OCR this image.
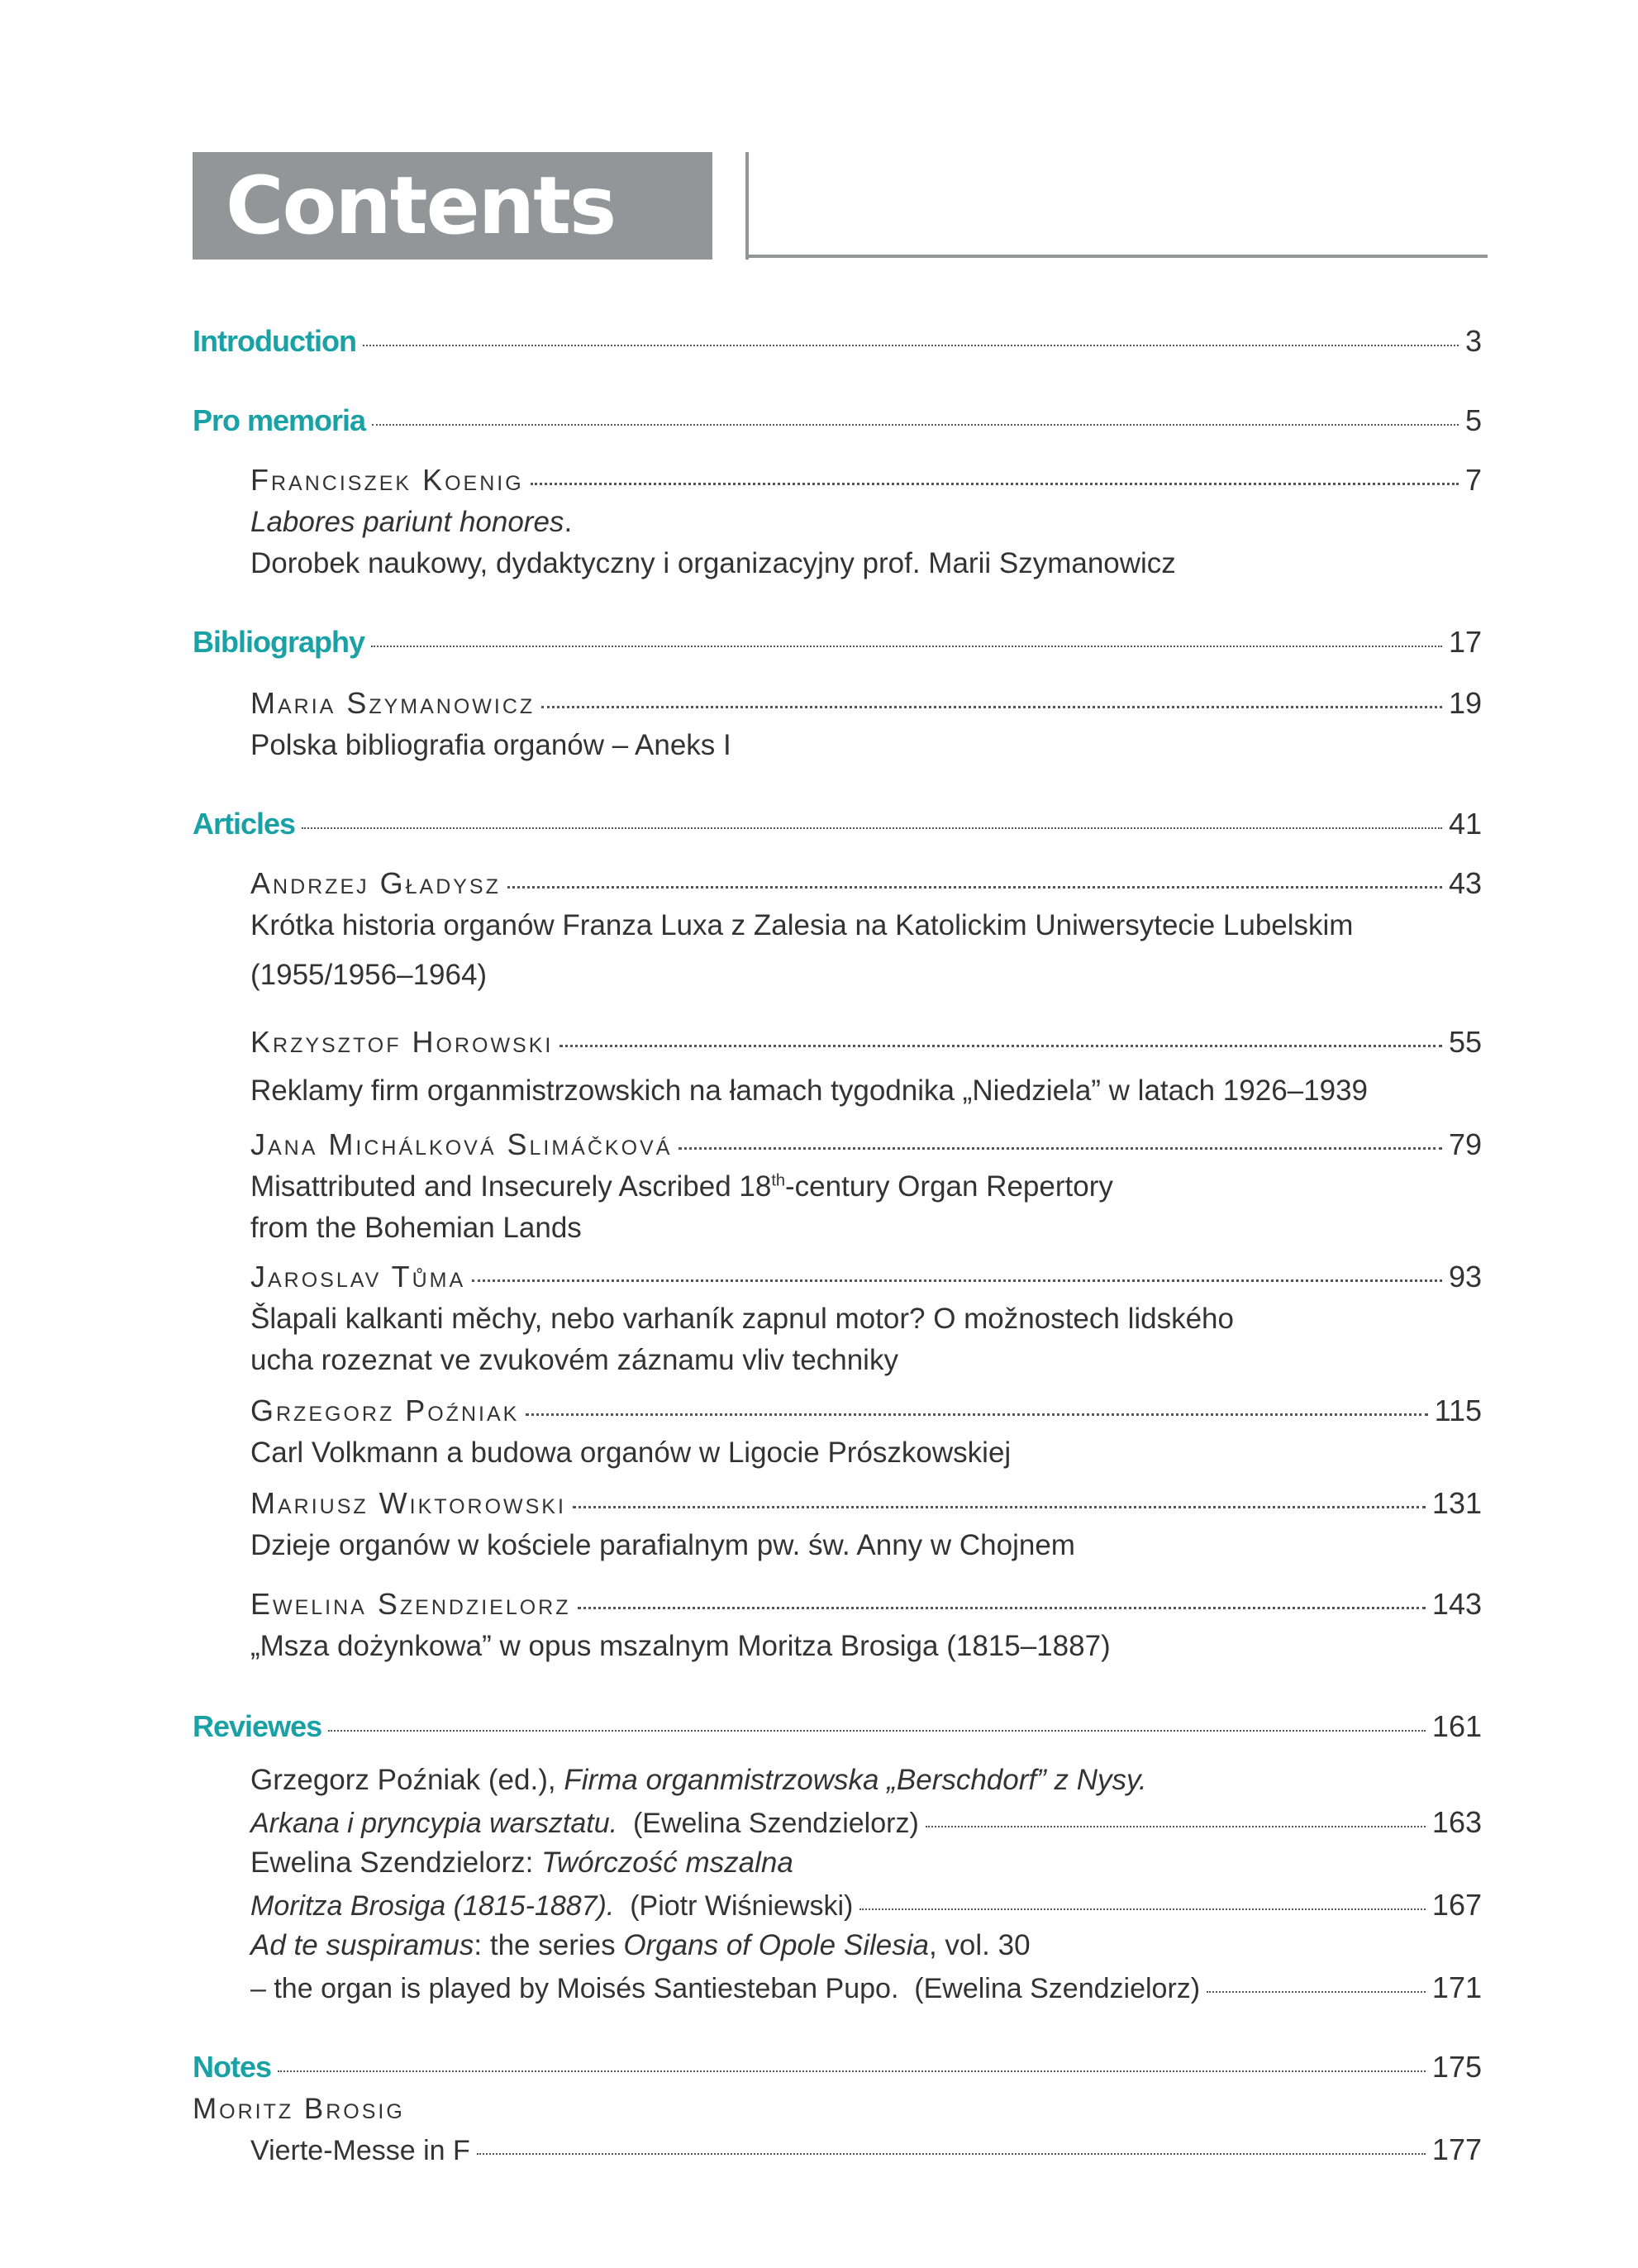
Contents
Introduction	3
Pro memoria	5
Franciszek Koenig	7
Labores pariunt honores.
Dorobek naukowy, dydaktyczny i organizacyjny prof. Marii Szymanowicz
Bibliography	17
Maria Szymanowicz	19
Polska bibliografia organów – Aneks I
Articles	41
Andrzej Gładysz	43
Krótka historia organów Franza Luxa z Zalesia na Katolickim Uniwersytecie Lubelskim
(1955/1956–1964)
Krzysztof Horowski	55
Reklamy firm organmistrzowskich na łamach tygodnika „Niedziela” w latach 1926–1939
Jana Michálková Slimáčková	79
Misattributed and Insecurely Ascribed 18th-century Organ Repertory
from the Bohemian Lands
Jaroslav Tůma	93
Šlapali kalkanti měchy, nebo varhaník zapnul motor? O možnostech lidského
ucha rozeznat ve zvukovém záznamu vliv techniky
Grzegorz Poźniak	115
Carl Volkmann a budowa organów w Ligocie Prószkowskiej
Mariusz Wiktorowski	131
Dzieje organów w kościele parafialnym pw. św. Anny w Chojnem
Ewelina Szendzielorz	143
„Msza dożynkowa” w opus mszalnym Moritza Brosiga (1815–1887)
Reviewes	161
Grzegorz Poźniak (ed.), Firma organmistrzowska „Berschdorf” z Nysy.
Arkana i pryncypia warsztatu.  (Ewelina Szendzielorz)	163
Ewelina Szendzielorz: Twórczość mszalna
Moritza Brosiga (1815-1887).  (Piotr Wiśniewski)	167
Ad te suspiramus: the series Organs of Opole Silesia, vol. 30
– the organ is played by Moisés Santiesteban Pupo.  (Ewelina Szendzielorz)	171
Notes	175
Moritz Brosig
Vierte-Messe in F	177
